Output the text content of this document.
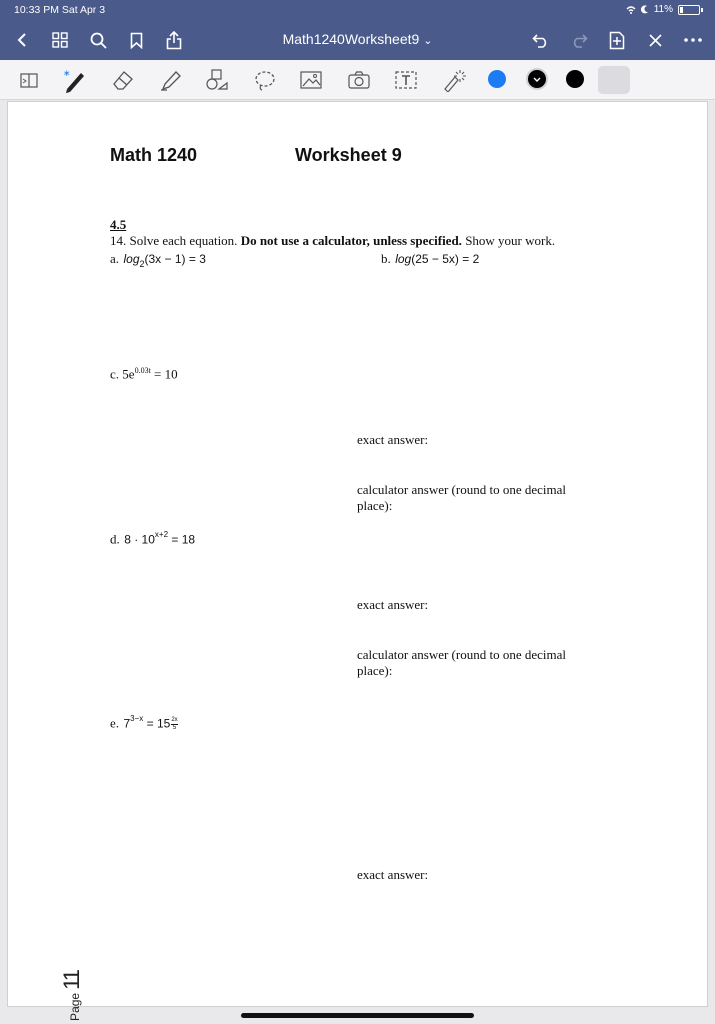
10:33 PM Sat Apr 3	11%
Math1240Worksheet9 ⌄
∗
Math 1240	Worksheet 9
4.5
14. Solve each equation. Do not use a calculator, unless specified. Show your work.
a. $\log_2(3x - 1) = 3$	b. log(25 − 5x) = 2
c. $5e^{0.03t} = 10$
exact answer:
calculator answer (round to one decimal
place):
d. $8 \cdot 10^{x+2} = 18$
exact answer:
calculator answer (round to one decimal
place):
e. $7^{3-x} = 15 \frac{2x}{5}$
exact answer:
Page
11
